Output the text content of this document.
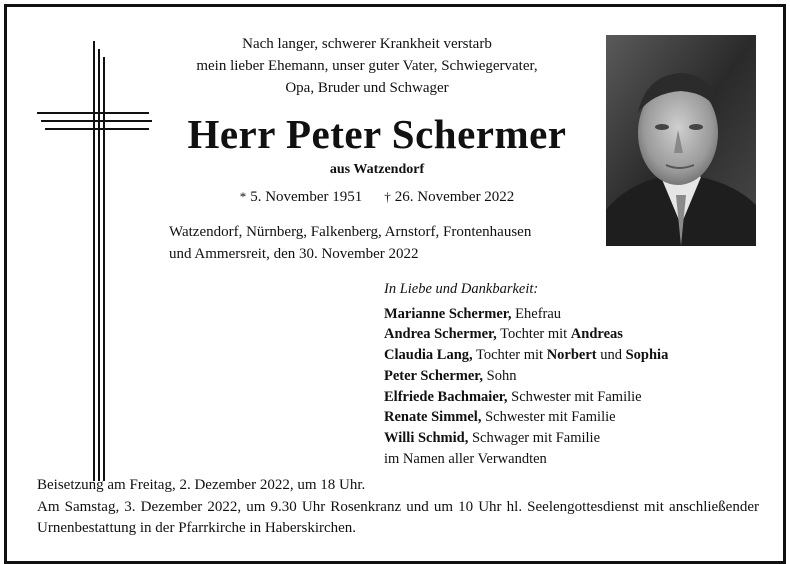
Nach langer, schwerer Krankheit verstarb
mein lieber Ehemann, unser guter Vater, Schwiegervater,
Opa, Bruder und Schwager
Herr Peter Schermer
aus Watzendorf
* 5. November 1951 † 26. November 2022
Watzendorf, Nürnberg, Falkenberg, Arnstorf, Frontenhausen
und Ammersreit, den 30. November 2022
In Liebe und Dankbarkeit:
Marianne Schermer, Ehefrau
Andrea Schermer, Tochter mit Andreas
Claudia Lang, Tochter mit Norbert und Sophia
Peter Schermer, Sohn
Elfriede Bachmaier, Schwester mit Familie
Renate Simmel, Schwester mit Familie
Willi Schmid, Schwager mit Familie
im Namen aller Verwandten
Beisetzung am Freitag, 2. Dezember 2022, um 18 Uhr.
Am Samstag, 3. Dezember 2022, um 9.30 Uhr Rosenkranz und um 10 Uhr hl. Seelengottesdienst mit anschließender Urnenbestattung in der Pfarrkirche in Haberskirchen.
